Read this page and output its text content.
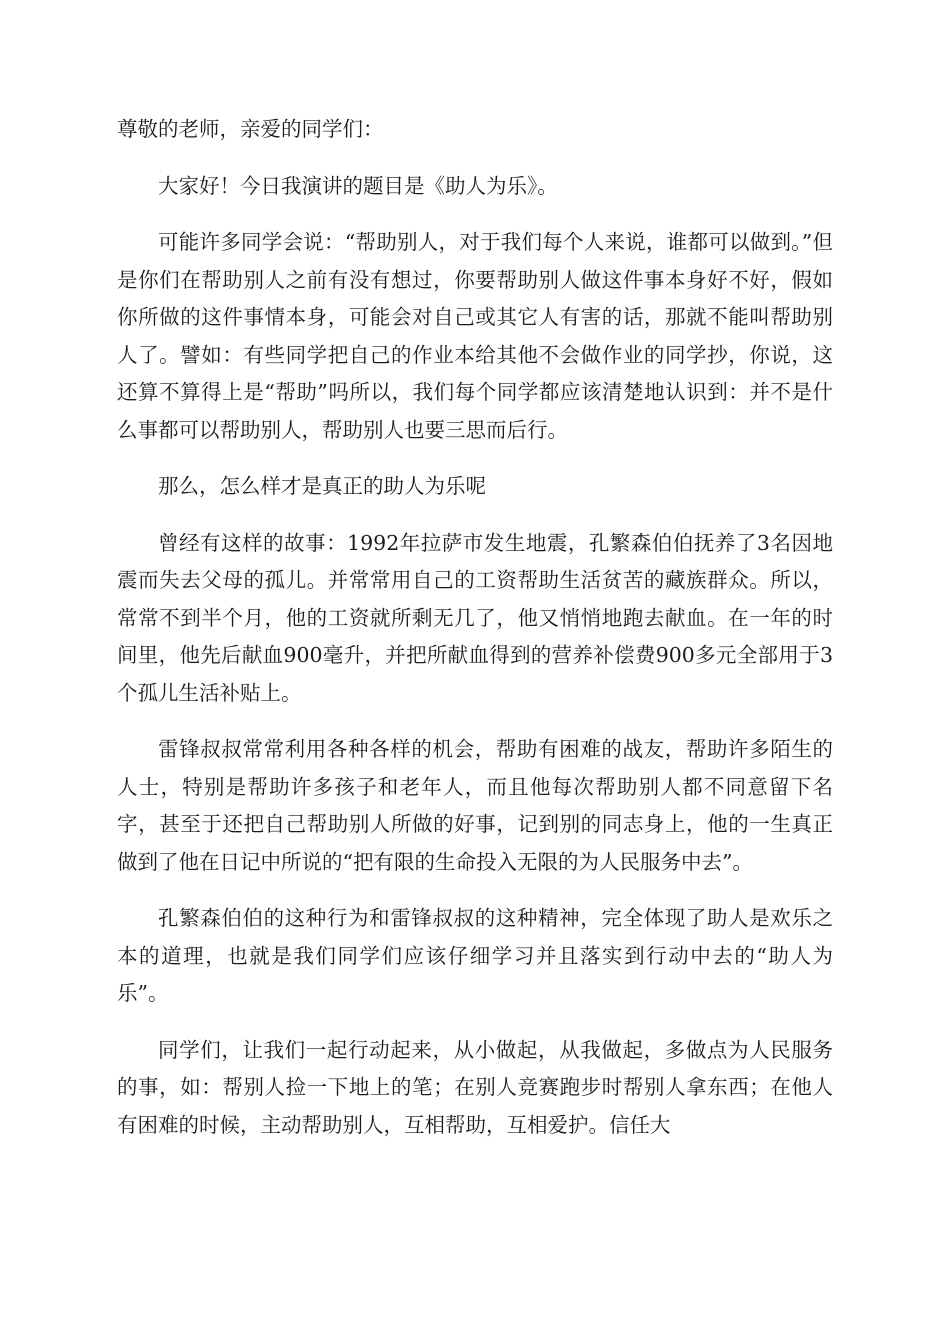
尊敬的老师，亲爱的同学们：

大家好！今日我演讲的题目是《助人为乐》。

可能许多同学会说：“帮助别人，对于我们每个人来说，谁都可以做到。”但是你们在帮助别人之前有没有想过，你要帮助别人做这件事本身好不好，假如你所做的这件事情本身，可能会对自己或其它人有害的话，那就不能叫帮助别人了。譬如：有些同学把自己的作业本给其他不会做作业的同学抄，你说，这还算不算得上是“帮助”吗所以，我们每个同学都应该清楚地认识到：并不是什么事都可以帮助别人，帮助别人也要三思而后行。

那么，怎么样才是真正的助人为乐呢

曾经有这样的故事：1992年拉萨市发生地震，孔繁森伯伯抚养了3名因地震而失去父母的孤儿。并常常用自己的工资帮助生活贫苦的藏族群众。所以，常常不到半个月，他的工资就所剩无几了，他又悄悄地跑去献血。在一年的时间里，他先后献血900毫升，并把所献血得到的营养补偿费900多元全部用于3个孤儿生活补贴上。

雷锋叔叔常常利用各种各样的机会，帮助有困难的战友，帮助许多陌生的人士，特别是帮助许多孩子和老年人，而且他每次帮助别人都不同意留下名字，甚至于还把自己帮助别人所做的好事，记到别的同志身上，他的一生真正做到了他在日记中所说的“把有限的生命投入无限的为人民服务中去”。

孔繁森伯伯的这种行为和雷锋叔叔的这种精神，完全体现了助人是欢乐之本的道理，也就是我们同学们应该仔细学习并且落实到行动中去的“助人为乐”。

同学们，让我们一起行动起来，从小做起，从我做起，多做点为人民服务的事，如：帮别人捡一下地上的笔；在别人竞赛跑步时帮别人拿东西；在他人有困难的时候，主动帮助别人，互相帮助，互相爱护。信任大
